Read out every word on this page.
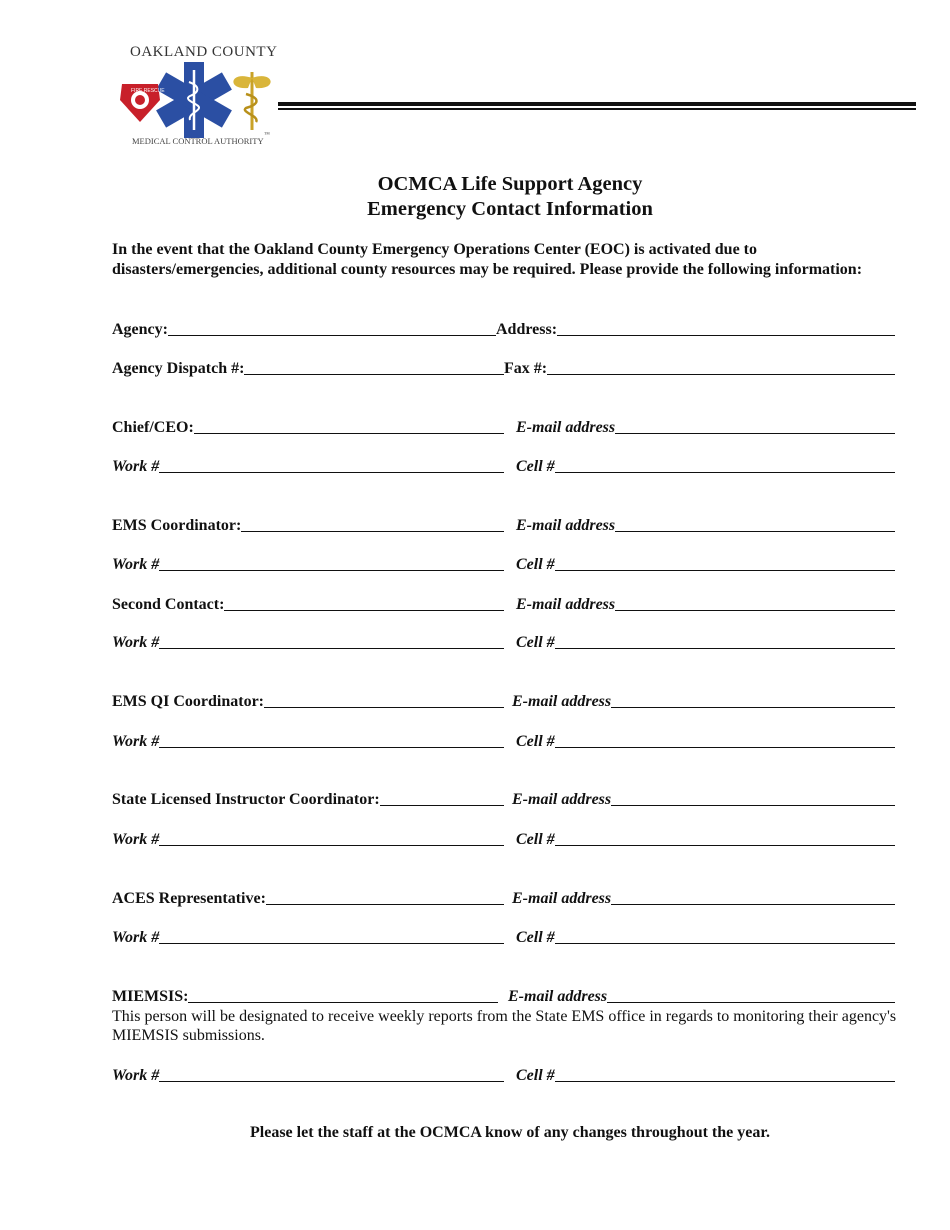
OAKLAND COUNTY
FIRE RESCUE
MEDICAL CONTROL AUTHORITY
™
OCMCA Life Support Agency
Emergency Contact Information
In the event that the Oakland County Emergency Operations Center (EOC) is activated due to disasters/emergencies, additional county resources may be required. Please provide the following information:
Agency:	Address:
Agency Dispatch #:	Fax #:
Chief/CEO:	E-mail address
Work #	Cell #
EMS Coordinator:	E-mail address
Work #	Cell #
Second Contact:	E-mail address
Work #	Cell #
EMS QI Coordinator:	E-mail address
Work #	Cell #
State Licensed Instructor Coordinator:	E-mail address
Work #	Cell #
ACES Representative:	E-mail address
Work #	Cell #
MIEMSIS:	E-mail address
This person will be designated to receive weekly reports from the State EMS office in regards to monitoring their agency's MIEMSIS submissions.
Work #	Cell #
Please let the staff at the OCMCA know of any changes throughout the year.
